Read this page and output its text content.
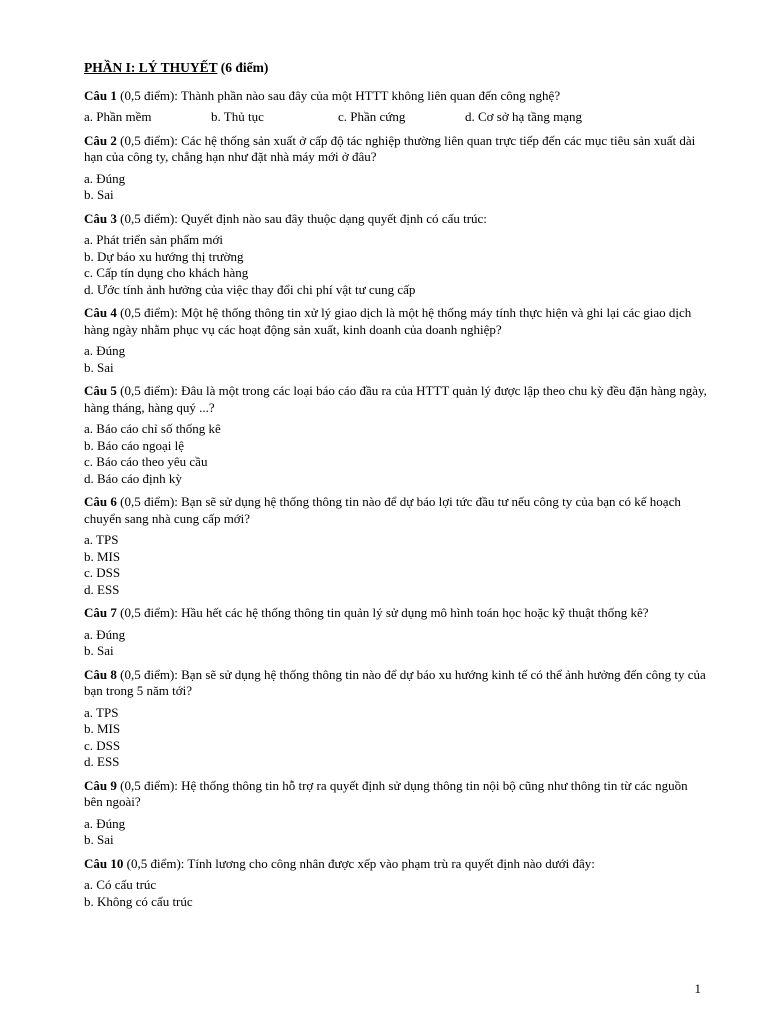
PHẦN I: LÝ THUYẾT (6 điểm)
Câu 1 (0,5 điểm): Thành phần nào sau đây của một HTTT không liên quan đến công nghệ?
a. Phần mềm	b. Thủ tục	c. Phần cứng	d. Cơ sở hạ tầng mạng
Câu 2 (0,5 điểm): Các hệ thống sản xuất ở cấp độ tác nghiệp thường liên quan trực tiếp đến các mục tiêu sản xuất dài hạn của công ty, chẳng hạn như đặt nhà máy mới ở đâu?
a. Đúng
b. Sai
Câu 3 (0,5 điểm): Quyết định nào sau đây thuộc dạng quyết định có cấu trúc:
a. Phát triển sản phẩm mới
b. Dự báo xu hướng thị trường
c. Cấp tín dụng cho khách hàng
d. Ước tính ảnh hưởng của việc thay đổi chi phí vật tư cung cấp
Câu 4 (0,5 điểm): Một hệ thống thông tin xử lý giao dịch là một hệ thống máy tính thực hiện và ghi lại các giao dịch hàng ngày nhằm phục vụ các hoạt động sản xuất, kinh doanh của doanh nghiệp?
a. Đúng
b. Sai
Câu 5 (0,5 điểm): Đâu là một trong các loại báo cáo đầu ra của HTTT quản lý được lập theo chu kỳ đều đặn hàng ngày, hàng tháng, hàng quý ...?
a. Báo cáo chỉ số thống kê
b. Báo cáo ngoại lệ
c. Báo cáo theo yêu cầu
d. Báo cáo định kỳ
Câu 6 (0,5 điểm): Bạn sẽ sử dụng hệ thống thông tin nào để dự báo lợi tức đầu tư nếu công ty của bạn có kế hoạch chuyển sang nhà cung cấp mới?
a. TPS
b. MIS
c. DSS
d. ESS
Câu 7 (0,5 điểm): Hầu hết các hệ thống thông tin quản lý sử dụng mô hình toán học hoặc kỹ thuật thống kê?
a. Đúng
b. Sai
Câu 8 (0,5 điểm): Bạn sẽ sử dụng hệ thống thông tin nào để dự báo xu hướng kinh tế có thể ảnh hưởng đến công ty của bạn trong 5 năm tới?
a. TPS
b. MIS
c. DSS
d. ESS
Câu 9 (0,5 điểm): Hệ thống thông tin hỗ trợ ra quyết định sử dụng thông tin nội bộ cũng như thông tin từ các nguồn bên ngoài?
a. Đúng
b. Sai
Câu 10 (0,5 điểm): Tính lương cho công nhân được xếp vào phạm trù ra quyết định nào dưới đây:
a. Có cấu trúc
b. Không có cấu trúc
1
